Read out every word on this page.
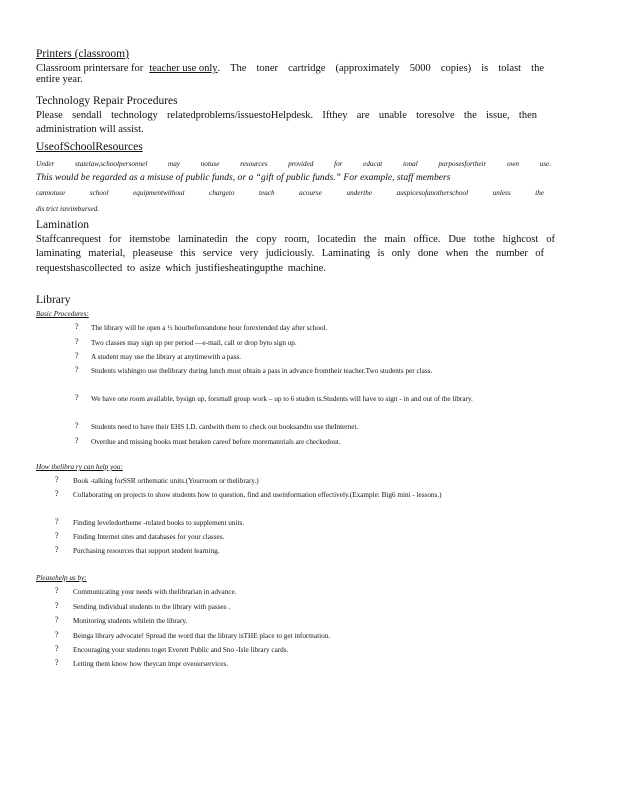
Printers (classroom)
Classroom printersare for teacher use only . The toner cartridge (approximately 5000 copies) is tolast the
entire year.
Technology Repair Procedures
Please sendall technology relatedproblems/issuestoHelpdesk. Ifthey are unable toresolve the issue, then
administration will assist.
UseofSchoolResources
Under statelaw,schoolpersonnel may notuse resources provided for educat ional purposesfortheir own use.
This would be regarded as a misuse of public funds, or a “gift of public funds.” For example, staff members
cannotuse school equipmentwithout chargeto teach acourse underthe auspicesofanotherschool unless the
dis trict isreimbursed.
Lamination
Staffcanrequest for itemstobe laminatedin the copy room, locatedin the main office. Due tothe highcost of
laminating material, pleaseuse this service very judiciously. Laminating is only done when the number of
requestshascollected to asize which justifiesheatingupthe machine.
Library
Basic Procedures:
? The library will be open a ½ hourbeforeandone hour forextended day after school.
? Two classes may sign up per period —e-mail, call or drop byto sign up.
? A student may use the library at anytimewith a pass.
? Students wishingto use thelibrary during lunch must obtain a pass in advance fromtheir teacher.Two students per class.
? We have one room available, bysign up, forsmall group work – up to 6 studen ts.Students will have to sign - in and out of the library.
? Students need to have their EHS I.D. cardwith them to check out booksandto use theInternet.
? Overdue and missing books must betaken careof before morematerials are checkedout.
How thelibra ry can help you:
? Book -talking forSSR orthematic units.(Yourroom or thelibrary.)
? Collaborating on projects to show students how to question, find and useinformation effectively.(Example: Big6 mini - lessons.)
? Finding leveledortheme -related books to supplement units.
? Finding Internet sites and databases for your classes.
? Purchasing resources that support student learning.
Pleasehelp us by:
? Communicating your needs with thelibrarian in advance.
? Sending individual students to the library with passes .
? Monitoring students whilein the library.
? Beinga library advocate! Spread the word that the library isTHE place to get information.
? Encouraging your students toget Everett Public and Sno -Isle library cards.
? Letting them know how theycan impr oveourservices.
